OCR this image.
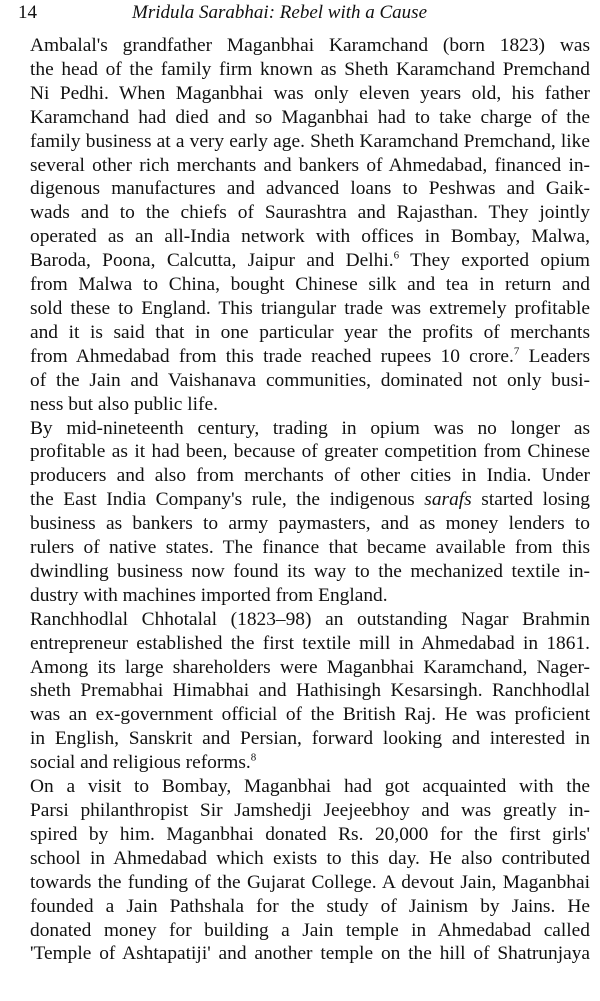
14	Mridula Sarabhai: Rebel with a Cause

Ambalal's grandfather Maganbhai Karamchand (born 1823) was
the head of the family firm known as Sheth Karamchand Premchand
Ni Pedhi. When Maganbhai was only eleven years old, his father
Karamchand had died and so Maganbhai had to take charge of the
family business at a very early age. Sheth Karamchand Premchand, like
several other rich merchants and bankers of Ahmedabad, financed in-
digenous manufactures and advanced loans to Peshwas and Gaik-
wads and to the chiefs of Saurashtra and Rajasthan. They jointly
operated as an all-India network with offices in Bombay, Malwa,
Baroda, Poona, Calcutta, Jaipur and Delhi.$^6$ They exported opium
from Malwa to China, bought Chinese silk and tea in return and
sold these to England. This triangular trade was extremely profitable
and it is said that in one particular year the profits of merchants
from Ahmedabad from this trade reached rupees 10 crore.$^7$ Leaders
of the Jain and Vaishanava communities, dominated not only busi-
ness but also public life.

By mid-nineteenth century, trading in opium was no longer as
profitable as it had been, because of greater competition from Chinese
producers and also from merchants of other cities in India. Under
the East India Company's rule, the indigenous sarafs started losing
business as bankers to army paymasters, and as money lenders to
rulers of native states. The finance that became available from this
dwindling business now found its way to the mechanized textile in-
dustry with machines imported from England.

Ranchhodlal Chhotalal (1823–98) an outstanding Nagar Brahmin
entrepreneur established the first textile mill in Ahmedabad in 1861.
Among its large shareholders were Maganbhai Karamchand, Nager-
sheth Premabhai Himabhai and Hathisingh Kesarsingh. Ranchhodlal
was an ex-government official of the British Raj. He was proficient
in English, Sanskrit and Persian, forward looking and interested in
social and religious reforms.$^8$

On a visit to Bombay, Maganbhai had got acquainted with the
Parsi philanthropist Sir Jamshedji Jeejeebhoy and was greatly in-
spired by him. Maganbhai donated Rs. 20,000 for the first girls'
school in Ahmedabad which exists to this day. He also contributed
towards the funding of the Gujarat College. A devout Jain, Maganbhai
founded a Jain Pathshala for the study of Jainism by Jains. He
donated money for building a Jain temple in Ahmedabad called
'Temple of Ashtapatiji' and another temple on the hill of Shatrunjaya
